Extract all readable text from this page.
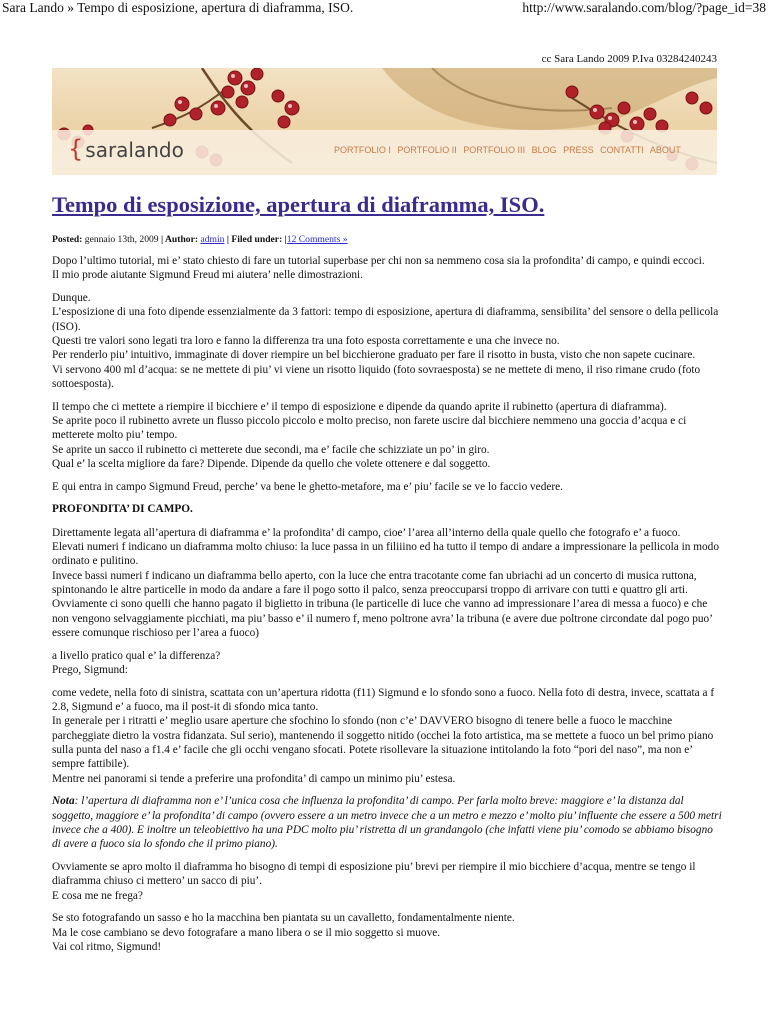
Sara Lando » Tempo di esposizione, apertura di diaframma, ISO.	http://www.saralando.com/blog/?page_id=38
cc Sara Lando 2009 P.Iva 03284240243
{ saralando	PORTFOLIO I PORTFOLIO II PORTFOLIO III BLOG PRESS CONTATTI ABOUT
Tempo di esposizione, apertura di diaframma, ISO.
Posted: gennaio 13th, 2009 | Author: admin | Filed under: |12 Comments »

Dopo l’ultimo tutorial, mi e’ stato chiesto di fare un tutorial superbase per chi non sa nemmeno cosa sia la profondita’ di campo, e quindi eccoci.
Il mio prode aiutante Sigmund Freud mi aiutera’ nelle dimostrazioni.

Dunque.
L’esposizione di una foto dipende essenzialmente da 3 fattori: tempo di esposizione, apertura di diaframma, sensibilita’ del sensore o della pellicola (ISO).
Questi tre valori sono legati tra loro e fanno la differenza tra una foto esposta correttamente e una che invece no.
Per renderlo piu’ intuitivo, immaginate di dover riempire un bel bicchierone graduato per fare il risotto in busta, visto che non sapete cucinare.
Vi servono 400 ml d’acqua: se ne mettete di piu’ vi viene un risotto liquido (foto sovraesposta) se ne mettete di meno, il riso rimane crudo (foto sottoesposta).

Il tempo che ci mettete a riempire il bicchiere e’ il tempo di esposizione e dipende da quando aprite il rubinetto (apertura di diaframma).
Se aprite poco il rubinetto avrete un flusso piccolo piccolo e molto preciso, non farete uscire dal bicchiere nemmeno una goccia d’acqua e ci metterete molto piu’ tempo.
Se aprite un sacco il rubinetto ci metterete due secondi, ma e’ facile che schizziate un po’ in giro.
Qual e’ la scelta migliore da fare? Dipende. Dipende da quello che volete ottenere e dal soggetto.

E qui entra in campo Sigmund Freud, perche’ va bene le ghetto-metafore, ma e’ piu’ facile se ve lo faccio vedere.

PROFONDITA’ DI CAMPO.

Direttamente legata all’apertura di diaframma e’ la profondita’ di campo, cioe’ l’area all’interno della quale quello che fotografo e’ a fuoco.
Elevati numeri f indicano un diaframma molto chiuso: la luce passa in un filiiino ed ha tutto il tempo di andare a impressionare la pellicola in modo ordinato e pulitino.
Invece bassi numeri f indicano un diaframma bello aperto, con la luce che entra tracotante come fan ubriachi ad un concerto di musica ruttona, spintonando le altre particelle in modo da andare a fare il pogo sotto il palco, senza preoccuparsi troppo di arrivare con tutti e quattro gli arti.
Ovviamente ci sono quelli che hanno pagato il biglietto in tribuna (le particelle di luce che vanno ad impressionare l’area di messa a fuoco) e che non vengono selvaggiamente picchiati, ma piu’ basso e’ il numero f, meno poltrone avra’ la tribuna (e avere due poltrone circondate dal pogo puo’ essere comunque rischioso per l’area a fuoco)

a livello pratico qual e’ la differenza?
Prego, Sigmund:

come vedete, nella foto di sinistra, scattata con un’apertura ridotta (f11) Sigmund e lo sfondo sono a fuoco. Nella foto di destra, invece, scattata a f 2.8, Sigmund e’ a fuoco, ma il post-it di sfondo mica tanto.
In generale per i ritratti e’ meglio usare aperture che sfochino lo sfondo (non c’e’ DAVVERO bisogno di tenere belle a fuoco le macchine parcheggiate dietro la vostra fidanzata. Sul serio), mantenendo il soggetto nitido (occhei la foto artistica, ma se mettete a fuoco un bel primo piano sulla punta del naso a f1.4 e’ facile che gli occhi vengano sfocati. Potete risollevare la situazione intitolando la foto “pori del naso”, ma non e’ sempre fattibile).
Mentre nei panorami si tende a preferire una profondita’ di campo un minimo piu’ estesa.

Nota: l’apertura di diaframma non e’ l’unica cosa che influenza la profondita’ di campo. Per farla molto breve: maggiore e’ la distanza dal soggetto, maggiore e’ la profondita’ di campo (ovvero essere a un metro invece che a un metro e mezzo e’ molto piu’ influente che essere a 500 metri invece che a 400). E inoltre un teleobiettivo ha una PDC molto piu’ ristretta di un grandangolo (che infatti viene piu’ comodo se abbiamo bisogno di avere a fuoco sia lo sfondo che il primo piano).

Ovviamente se apro molto il diaframma ho bisogno di tempi di esposizione piu’ brevi per riempire il mio bicchiere d’acqua, mentre se tengo il diaframma chiuso ci mettero’ un sacco di piu’.
E cosa me ne frega?

Se sto fotografando un sasso e ho la macchina ben piantata su un cavalletto, fondamentalmente niente.
Ma le cose cambiano se devo fotografare a mano libera o se il mio soggetto si muove.
Vai col ritmo, Sigmund!
